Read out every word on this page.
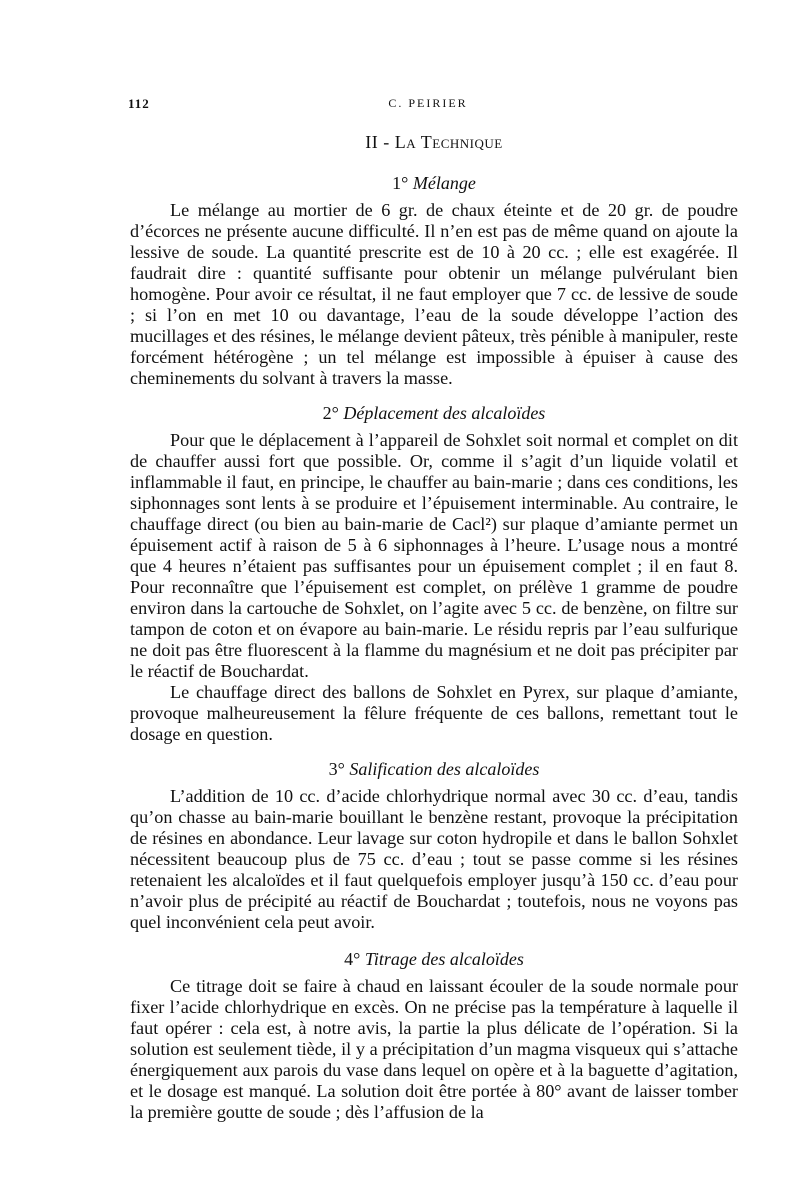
112	C. PEIRIER
II - La Technique
1° Mélange

Le mélange au mortier de 6 gr. de chaux éteinte et de 20 gr. de poudre d’écorces ne présente aucune difficulté. Il n’en est pas de même quand on ajoute la lessive de soude. La quantité prescrite est de 10 à 20 cc. ; elle est exagérée. Il faudrait dire : quantité suffisante pour obtenir un mélange pulvérulant bien homogène. Pour avoir ce résultat, il ne faut employer que 7 cc. de lessive de soude ; si l’on en met 10 ou davantage, l’eau de la soude développe l’action des mucillages et des résines, le mélange devient pâteux, très pénible à manipuler, reste forcément hétérogène ; un tel mélange est impossible à épuiser à cause des cheminements du solvant à travers la masse.

2° Déplacement des alcaloïdes

Pour que le déplacement à l’appareil de Sohxlet soit normal et complet on dit de chauffer aussi fort que possible. Or, comme il s’agit d’un liquide volatil et inflammable il faut, en principe, le chauffer au bain-marie ; dans ces conditions, les siphonnages sont lents à se produire et l’épuisement interminable. Au contraire, le chauffage direct (ou bien au bain-marie de Cacl²) sur plaque d’amiante permet un épuisement actif à raison de 5 à 6 siphonnages à l’heure. L’usage nous a montré que 4 heures n’étaient pas suffisantes pour un épuisement complet ; il en faut 8. Pour reconnaître que l’épuisement est complet, on prélève 1 gramme de poudre environ dans la cartouche de Sohxlet, on l’agite avec 5 cc. de benzène, on filtre sur tampon de coton et on évapore au bain-marie. Le résidu repris par l’eau sulfurique ne doit pas être fluorescent à la flamme du magnésium et ne doit pas précipiter par le réactif de Bouchardat.

Le chauffage direct des ballons de Sohxlet en Pyrex, sur plaque d’amiante, provoque malheureusement la fêlure fréquente de ces ballons, remettant tout le dosage en question.

3° Salification des alcaloïdes

L’addition de 10 cc. d’acide chlorhydrique normal avec 30 cc. d’eau, tandis qu’on chasse au bain-marie bouillant le benzène restant, provoque la précipitation de résines en abondance. Leur lavage sur coton hydropile et dans le ballon Sohxlet nécessitent beaucoup plus de 75 cc. d’eau ; tout se passe comme si les résines retenaient les alcaloïdes et il faut quelquefois employer jusqu’à 150 cc. d’eau pour n’avoir plus de précipité au réactif de Bouchardat ; toutefois, nous ne voyons pas quel inconvénient cela peut avoir.

4° Titrage des alcaloïdes

Ce titrage doit se faire à chaud en laissant écouler de la soude normale pour fixer l’acide chlorhydrique en excès. On ne précise pas la température à laquelle il faut opérer : cela est, à notre avis, la partie la plus délicate de l’opération. Si la solution est seulement tiède, il y a précipitation d’un magma visqueux qui s’attache énergiquement aux parois du vase dans lequel on opère et à la baguette d’agitation, et le dosage est manqué. La solution doit être portée à 80° avant de laisser tomber la première goutte de soude ; dès l’affusion de la
